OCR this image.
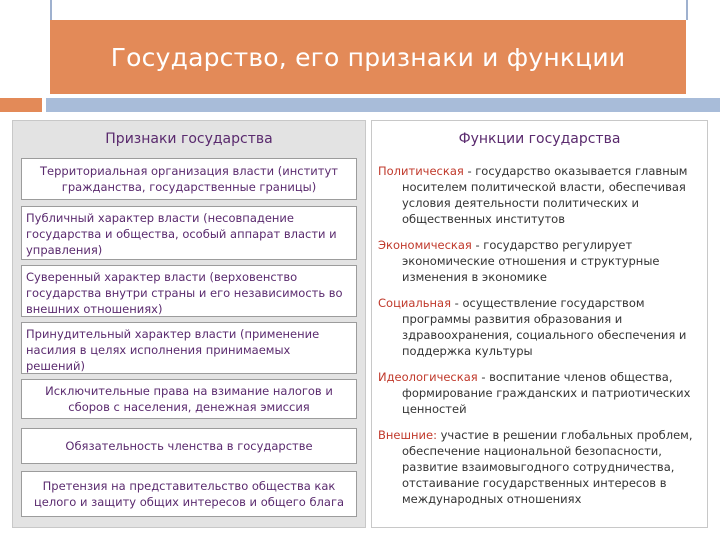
Государство, его признаки и функции
Признаки государства
Территориальная организация власти (институт гражданства, государственные границы)
Публичный характер власти (несовпадение государства и общества, особый аппарат власти и управления)
Суверенный характер власти (верховенство государства внутри страны и его независимость во внешних отношениях)
Принудительный характер власти (применение насилия в целях исполнения принимаемых решений)
Исключительные права на взимание налогов и сборов с населения, денежная эмиссия
Обязательность членства в государстве
Претензия на представительство общества как целого и защиту общих интересов и общего блага
Функции государства
Политическая - государство оказывается главным
носителем политической власти, обеспечивая
условия деятельности политических и
общественных институтов
Экономическая - государство регулирует
экономические отношения и структурные
изменения в экономике
Социальная - осуществление государством
программы развития образования и
здравоохранения, социального обеспечения и
поддержка культуры
Идеологическая - воспитание членов общества,
формирование гражданских и патриотических
ценностей
Внешние: участие в решении глобальных проблем,
обеспечение национальной безопасности,
развитие взаимовыгодного сотрудничества,
отстаивание государственных интересов в
международных отношениях
